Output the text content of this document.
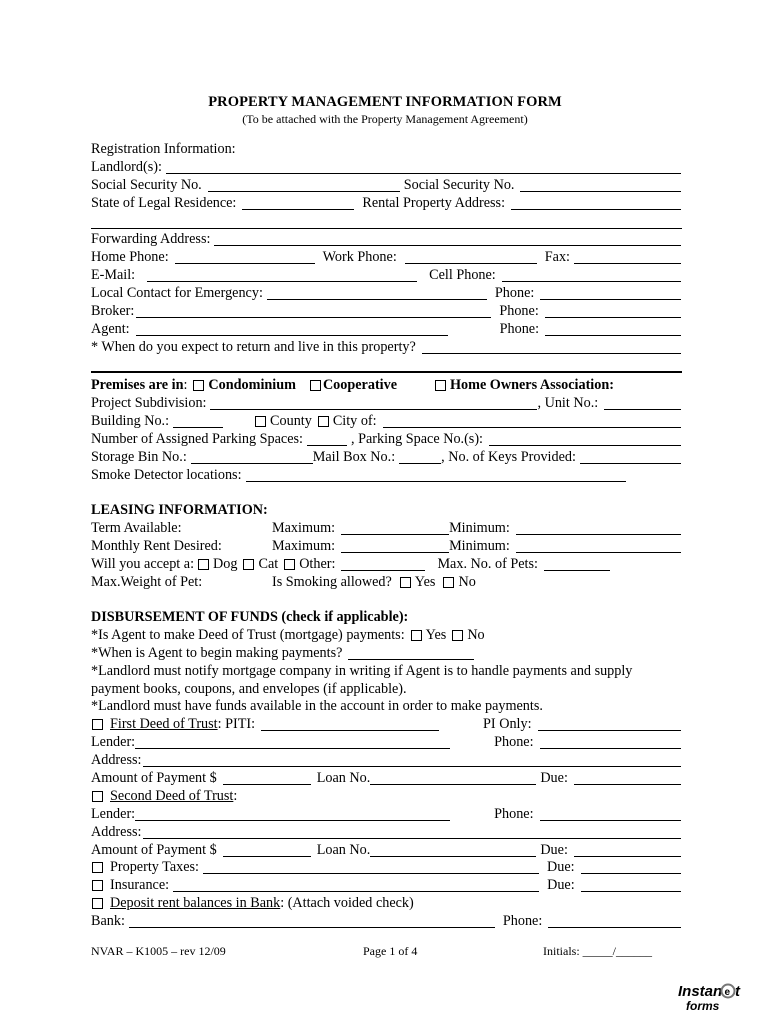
PROPERTY MANAGEMENT INFORMATION FORM
(To be attached with the Property Management Agreement)
Registration Information:
Landlord(s):
Social Security No.	Social Security No.
State of Legal Residence:	Rental Property Address:
Forwarding Address:
Home Phone:	Work Phone:	Fax:
E-Mail:	Cell Phone:
Local Contact for Emergency:	Phone:
Broker:	Phone:
Agent:	Phone:
* When do you expect to return and live in this property?
Premises are in : Condominium Cooperative	Home Owners Association:
Project Subdivision:	, Unit No.:
Building No.:	County City of:
Number of Assigned Parking Spaces:	, Parking Space No.(s):
Storage Bin No.:	Mail Box No.:	, No. of Keys Provided:
Smoke Detector locations:
LEASING INFORMATION:
Term Available:	Maximum:	Minimum:
Monthly Rent Desired:	Maximum:	Minimum:
Will you accept a: Dog Cat Other:	Max. No. of Pets:
Max.Weight of Pet:	Is Smoking allowed? Yes No
DISBURSEMENT OF FUNDS (check if applicable):
*Is Agent to make Deed of Trust (mortgage) payments: Yes No
*When is Agent to begin making payments?
*Landlord must notify mortgage company in writing if Agent is to handle payments and supply
payment books, coupons, and envelopes (if applicable).
*Landlord must have funds available in the account in order to make payments.
First Deed of Trust : PITI:	PI Only:
Lender:	Phone:
Address:
Amount of Payment $	Loan No.	Due:
Second Deed of Trust :
Lender:	Phone:
Address:
Amount of Payment $	Loan No.	Due:
Property Taxes:	Due:
Insurance:	Due:
Deposit rent balances in Bank : (Attach voided check)
Bank:	Phone:
NVAR – K1005 – rev 12/09	Page 1 of 4	Initials: _____/______
Instan e t
forms
